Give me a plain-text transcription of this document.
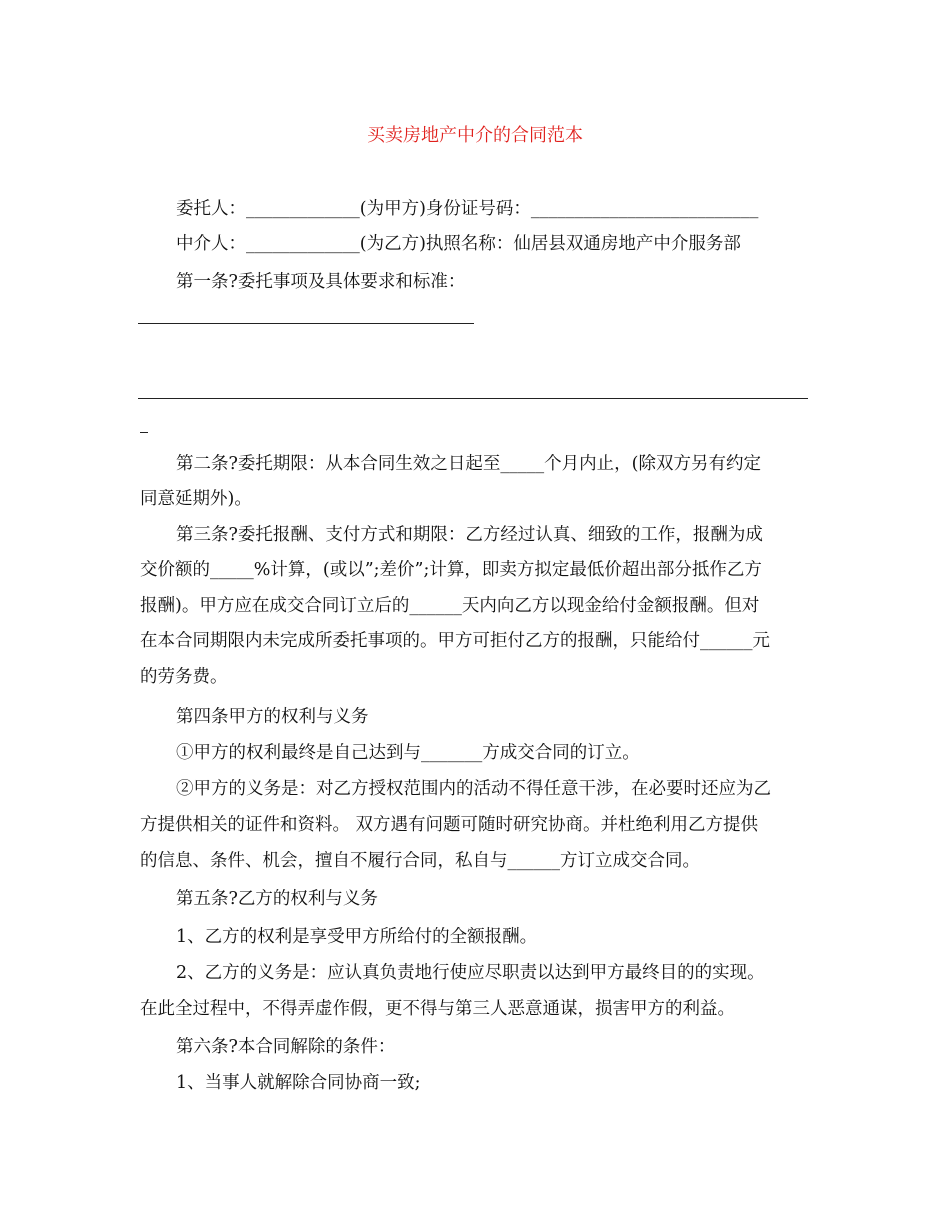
买卖房地产中介的合同范本
委托人：_____________(为甲方)身份证号码：__________________________
中介人：_____________(为乙方)执照名称：仙居县双通房地产中介服务部
第一条?委托事项及具体要求和标准：
第二条?委托期限：从本合同生效之日起至_____个月内止，(除双方另有约定
同意延期外)。
第三条?委托报酬、支付方式和期限：乙方经过认真、细致的工作，报酬为成
交价额的_____%计算，(或以”;差价”;计算，即卖方拟定最低价超出部分抵作乙方
报酬)。甲方应在成交合同订立后的______天内向乙方以现金给付金额报酬。但对
在本合同期限内未完成所委托事项的。甲方可拒付乙方的报酬，只能给付______元
的劳务费。
第四条甲方的权利与义务
①甲方的权利最终是自己达到与_______方成交合同的订立。
②甲方的义务是：对乙方授权范围内的活动不得任意干涉，在必要时还应为乙
方提供相关的证件和资料。 双方遇有问题可随时研究协商。并杜绝利用乙方提供
的信息、条件、机会，擅自不履行合同，私自与______方订立成交合同。
第五条?乙方的权利与义务
1、乙方的权利是享受甲方所给付的全额报酬。
2、乙方的义务是：应认真负责地行使应尽职责以达到甲方最终目的的实现。
在此全过程中，不得弄虚作假，更不得与第三人恶意通谋，损害甲方的利益。
第六条?本合同解除的条件：
1、当事人就解除合同协商一致;
